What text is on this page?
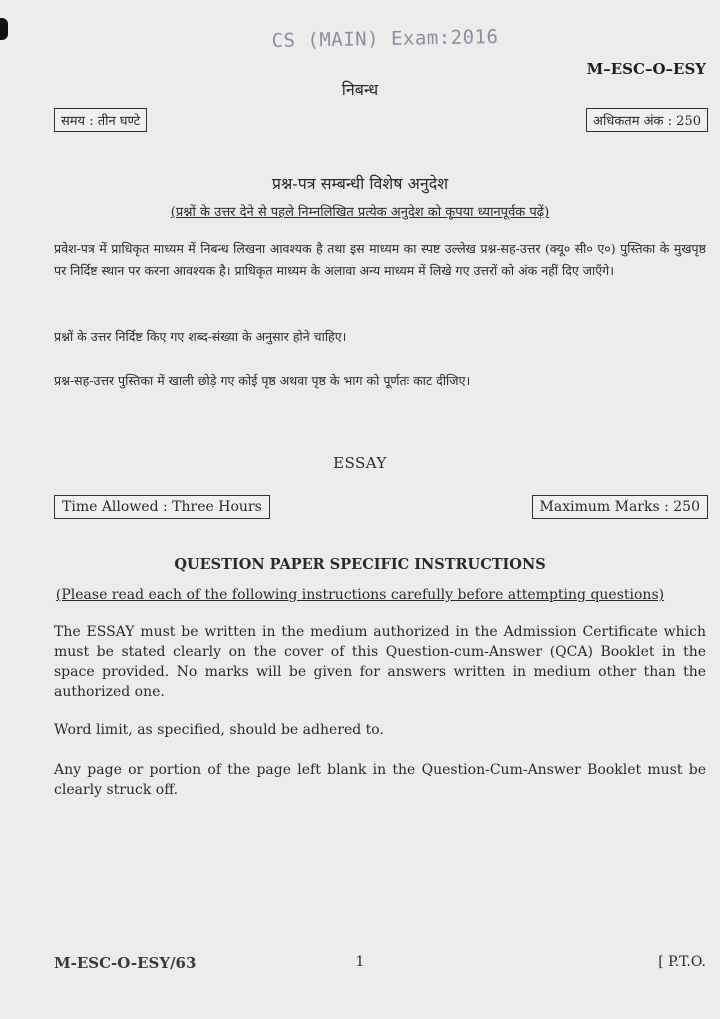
CS (MAIN) Exam:2016
M–ESC–O–ESY
निबन्ध
समय : तीन घण्टे	अधिकतम अंक : 250
प्रश्न-पत्र सम्बन्धी विशेष अनुदेश
(प्रश्नों के उत्तर देने से पहले निम्नलिखित प्रत्येक अनुदेश को कृपया ध्यानपूर्वक पढ़ें)
प्रवेश-पत्र में प्राधिकृत माध्यम में निबन्ध लिखना आवश्यक है तथा इस माध्यम का स्पष्ट उल्लेख प्रश्न-सह-उत्तर (क्यू० सी० ए०) पुस्तिका के मुखपृष्ठ पर निर्दिष्ट स्थान पर करना आवश्यक है। प्राधिकृत माध्यम के अलावा अन्य माध्यम में लिखे गए उत्तरों को अंक नहीं दिए जाएँगे।
प्रश्नों के उत्तर निर्दिष्ट किए गए शब्द-संख्या के अनुसार होने चाहिए।
प्रश्न-सह-उत्तर पुस्तिका में खाली छोड़े गए कोई पृष्ठ अथवा पृष्ठ के भाग को पूर्णतः काट दीजिए।
ESSAY
Time Allowed : Three Hours	Maximum Marks : 250
QUESTION PAPER SPECIFIC INSTRUCTIONS
(Please read each of the following instructions carefully before attempting questions)
The ESSAY must be written in the medium authorized in the Admission Certificate which must be stated clearly on the cover of this Question-cum-Answer (QCA) Booklet in the space provided. No marks will be given for answers written in medium other than the authorized one.
Word limit, as specified, should be adhered to.
Any page or portion of the page left blank in the Question-Cum-Answer Booklet must be clearly struck off.
M-ESC-O-ESY/63	1	[ P.T.O.
